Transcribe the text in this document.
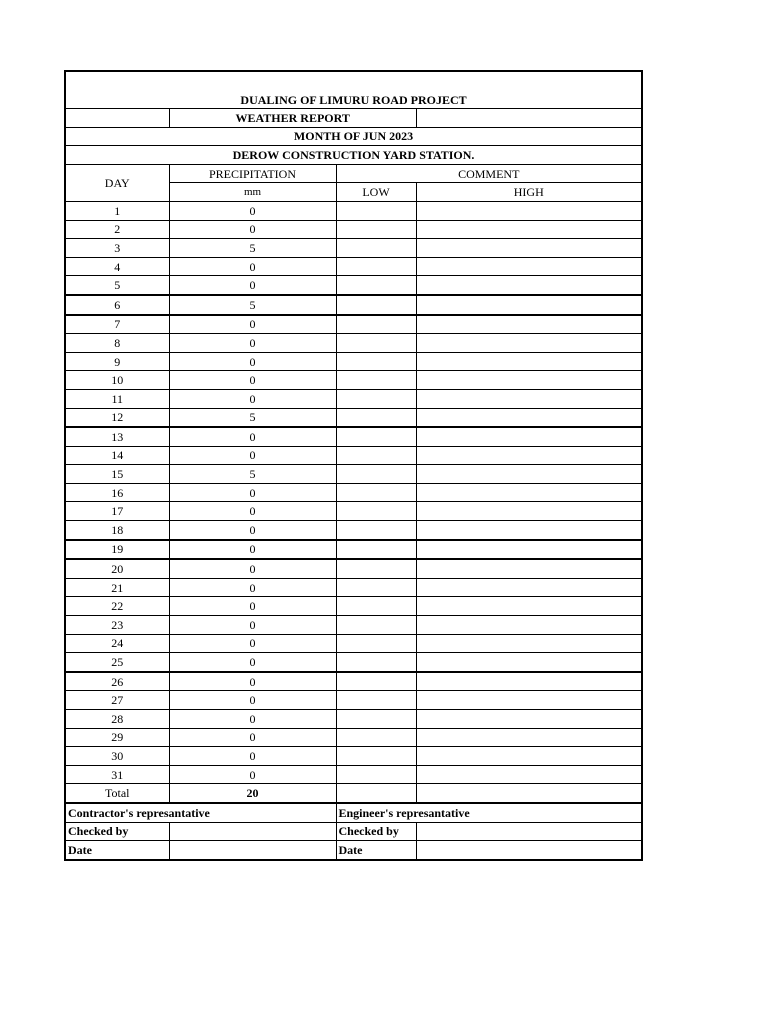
DUALING OF LIMURU ROAD PROJECT			
	WEATHER REPORT		
MONTH OF JUN 2023			
DEROW CONSTRUCTION YARD STATION.			
DAY	PRECIPITATION	COMMENT	
	mm	LOW	HIGH
1	0		
2	0		
3	5		
4	0		
5	0		
6	5		
7	0		
8	0		
9	0		
10	0		
11	0		
12	5		
13	0		
14	0		
15	5		
16	0		
17	0		
18	0		
19	0		
20	0		
21	0		
22	0		
23	0		
24	0		
25	0		
26	0		
27	0		
28	0		
29	0		
30	0		
31	0		
Total	20		
Contractor's represantative		Engineer's represantative	
Checked by		Checked by	
Date		Date	
